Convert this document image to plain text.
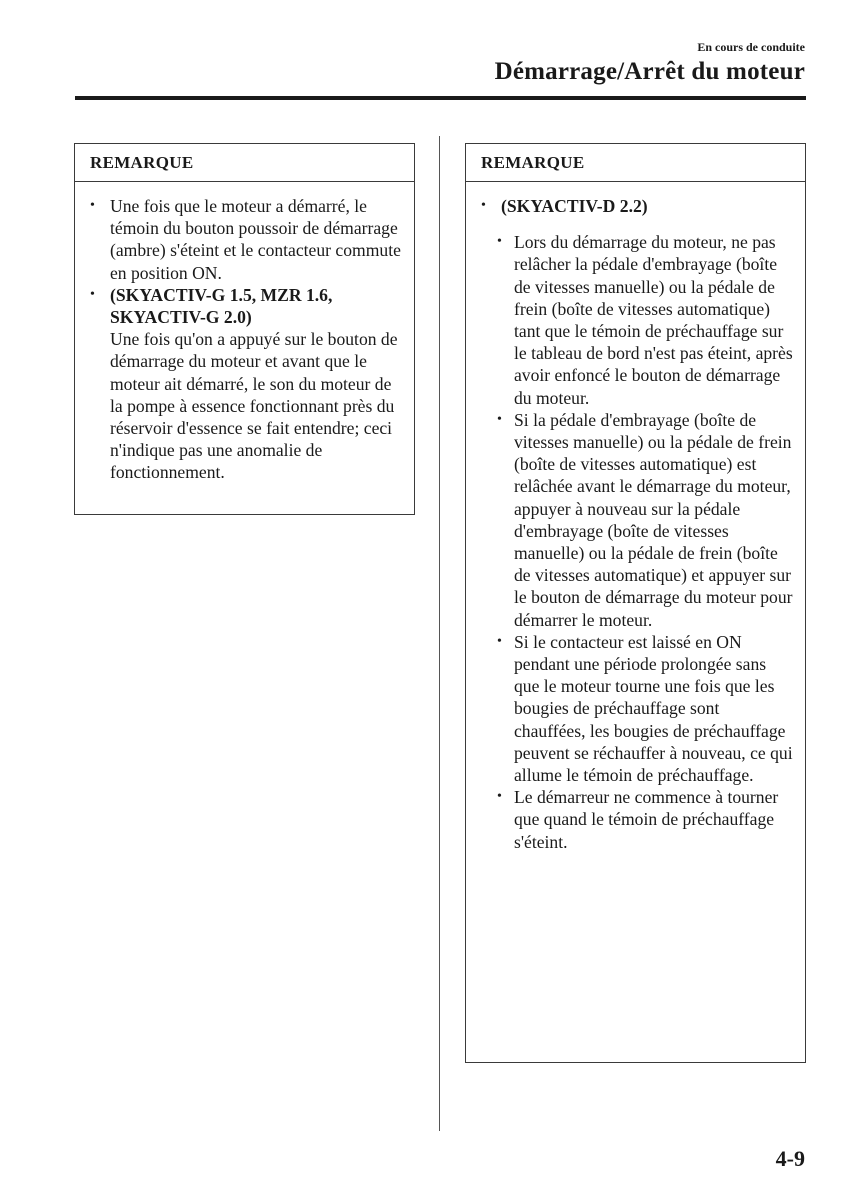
En cours de conduite
Démarrage/Arrêt du moteur
REMARQUE
• Une fois que le moteur a démarré, le témoin du bouton poussoir de démarrage (ambre) s'éteint et le contacteur commute en position ON.
• (SKYACTIV-G 1.5, MZR 1.6, SKYACTIV-G 2.0)
Une fois qu'on a appuyé sur le bouton de démarrage du moteur et avant que le moteur ait démarré, le son du moteur de la pompe à essence fonctionnant près du réservoir d'essence se fait entendre; ceci n'indique pas une anomalie de fonctionnement.
REMARQUE
• (SKYACTIV-D 2.2)
• Lors du démarrage du moteur, ne pas relâcher la pédale d'embrayage (boîte de vitesses manuelle) ou la pédale de frein (boîte de vitesses automatique) tant que le témoin de préchauffage sur le tableau de bord n'est pas éteint, après avoir enfoncé le bouton de démarrage du moteur.
• Si la pédale d'embrayage (boîte de vitesses manuelle) ou la pédale de frein (boîte de vitesses automatique) est relâchée avant le démarrage du moteur, appuyer à nouveau sur la pédale d'embrayage (boîte de vitesses manuelle) ou la pédale de frein (boîte de vitesses automatique) et appuyer sur le bouton de démarrage du moteur pour démarrer le moteur.
• Si le contacteur est laissé en ON pendant une période prolongée sans que le moteur tourne une fois que les bougies de préchauffage sont chauffées, les bougies de préchauffage peuvent se réchauffer à nouveau, ce qui allume le témoin de préchauffage.
• Le démarreur ne commence à tourner que quand le témoin de préchauffage s'éteint.
4-9
